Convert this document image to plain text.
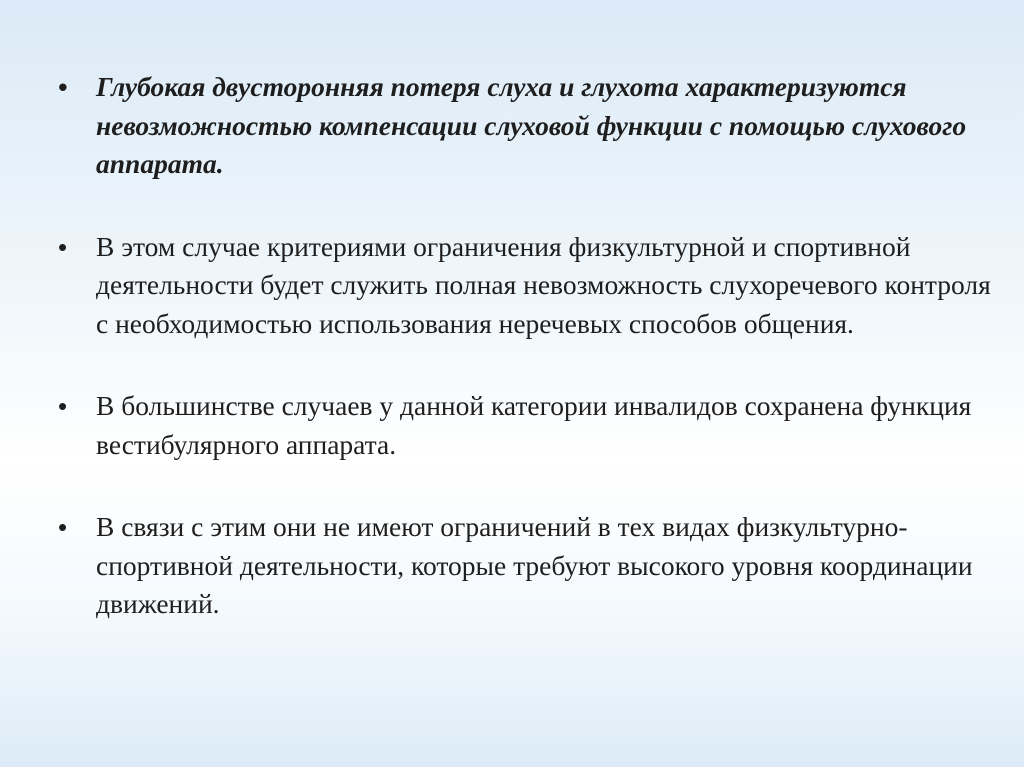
• Глубокая двусторонняя потеря слуха и глухота характеризуются невозможностью компенсации слуховой функции с помощью слухового аппарата.
• В этом случае критериями ограничения физкультурной и спортивной деятельности будет служить полная невозможность слухоречевого контроля с необходимостью использования неречевых способов общения.
• В большинстве случаев у данной категории инвалидов сохранена функция вестибулярного аппарата.
• В связи с этим они не имеют ограничений в тех видах физкультурно-спортивной деятельности, которые требуют высокого уровня координации движений.
